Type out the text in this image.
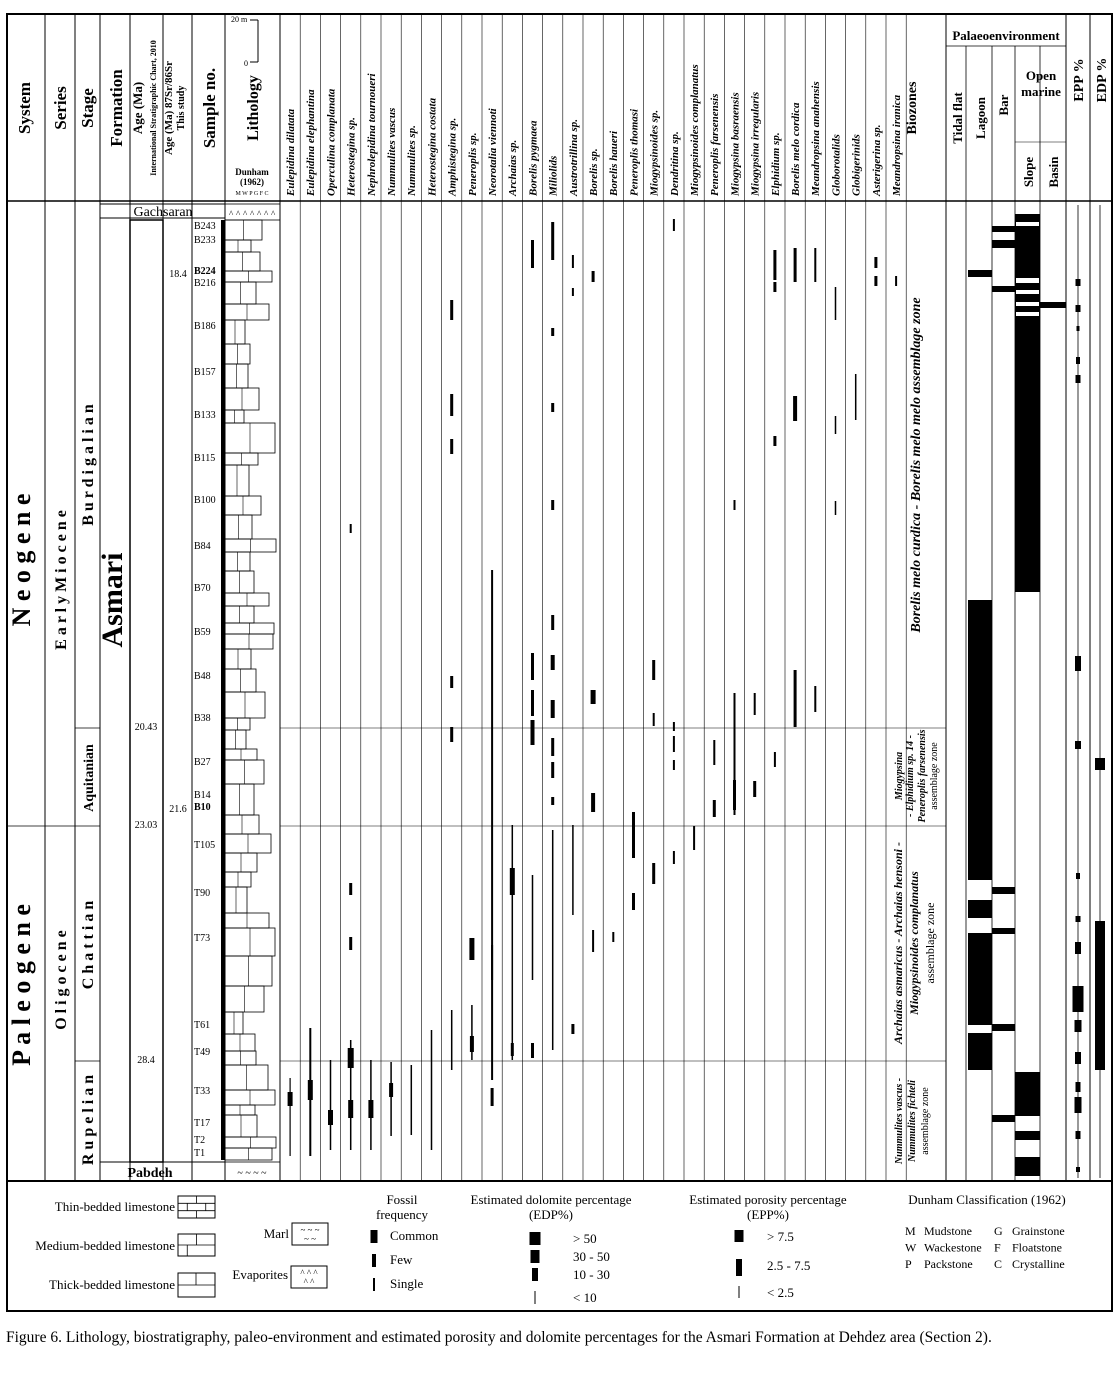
System Series Stage Formation Age (Ma) International Stratigraphic Chart, 2010 Age (Ma) 87Sr/86Sr This study Sample no.
20 m
0
Lithology
Dunham
(1962)
M W P G F C
Biozones
Palaeoenvironment
Tidal flat Lagoon Bar
Slope Basin
Open
marine EPP % EDP %
Eulepidina dilatata Eulepidina elephantina Operculina complanata Heterostegina sp. Nephrolepidina tournoueri Nummulites vascus Nummulites sp. Heterostegina costata Amphistegina sp. Peneroplis sp. Neorotalia viennoti Archaias sp. Borelis pygmaea Miliolids Austrotrillina sp. Borelis sp. Borelis haueri Peneroplis thomasi Miogypsinoides sp. Dendritina sp. Miogypsinoides complanatus Peneroplis farsenensis Miogypsina basraensis Miogypsina irregularis Elphidium sp. Borelis melo cordica Meandropsina anahensis Globorotalids Globigerinids Asterigerina sp. Meandropsina iranica
N e o g e n e
P a l e o g e n e
E a r l y M i o c e n e
O l i g o c e n e
B u r d i g a l i a n
Aquitanian
C h a t t i a n
R u p e l i a n
Gachsaran
Asmari
Pabdeh
20.43
23.03
28.4
18.4
21.6
B243
B233
B224
B216
B186
B157
B133
B115
B100
B84
B70
B59
B48
B38
B27
B14
B10
T105
T90
T73
T61
T49
T33
T17
T2
T1
^ ^ ^ ^ ^ ^ ^
~ ~ ~ ~
Borelis melo curdica - Borelis melo melo assemblage zone
Miogypsina - Elphidium sp. 14 - Peneroplis farsenensis assemblage zone
Archaias asmaricus - Archaias hensoni - Miogypsinoides complanatus assemblage zone
Nummulites vascus - Nummulites fichteli assemblage zone
Thin-bedded limestone
Medium-bedded limestone
Thick-bedded limestone
Marl ~ ~ ~
~ ~
Evaporites ^ ^ ^
^ ^
Fossil
frequency
Common
Few
Single
Estimated dolomite percentage
(EDP%)
> 50
30 - 50
10 - 30
< 10
Estimated porosity percentage
(EPP%)
> 7.5
2.5 - 7.5
< 2.5
Dunham Classification (1962)
M Mudstone G Grainstone
W Wackestone F Floatstone
P Packstone C Crystalline
Figure 6. Lithology, biostratigraphy, paleo-environment and estimated porosity and dolomite percentages for the Asmari Formation at Dehdez area (Section 2).
